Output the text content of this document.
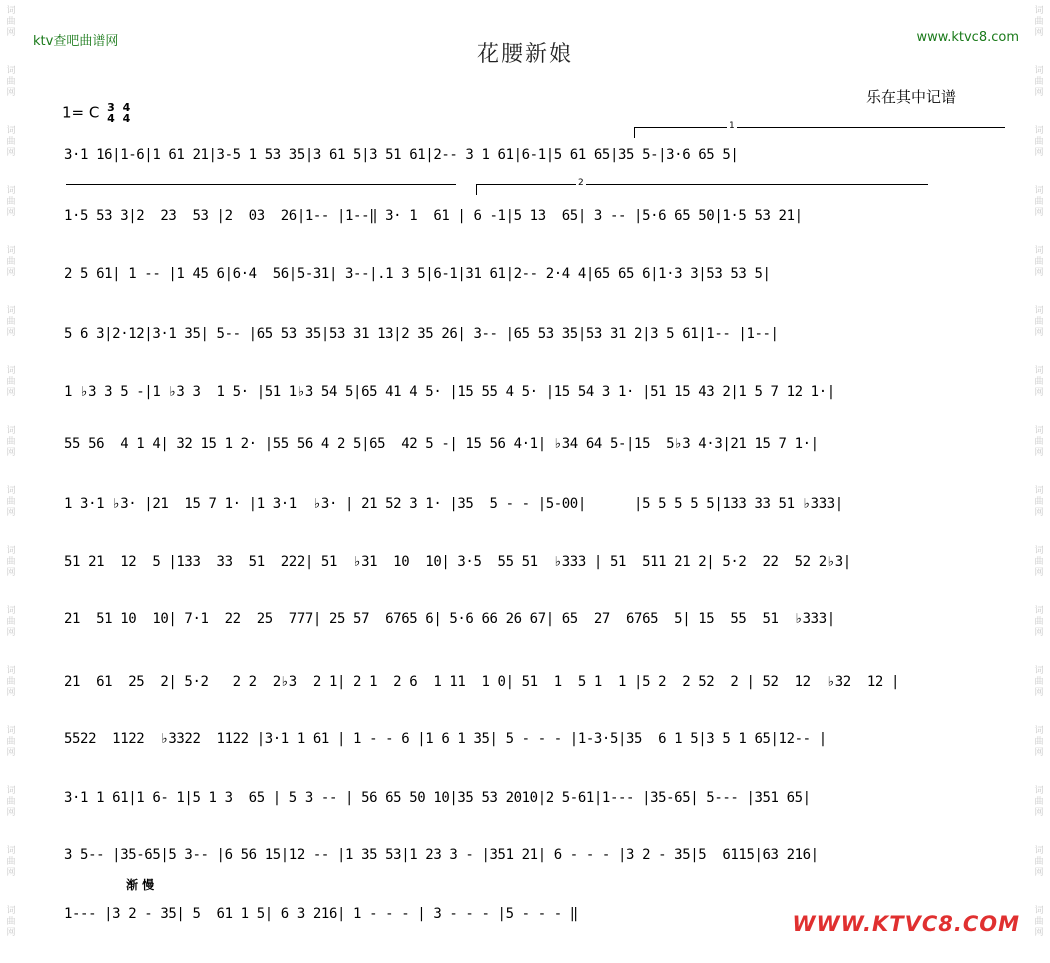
词
曲
网
词
曲
网
词
曲
网
词
曲
网
词
曲
网
词
曲
网
词
曲
网
词
曲
网
词
曲
网
词
曲
网
词
曲
网
词
曲
网
词
曲
网
词
曲
网
词
曲
网
词
曲
网
词
曲
网
词
曲
网
词
曲
网
词
曲
网
词
曲
网
词
曲
网
词
曲
网
词
曲
网
词
曲
网
词
曲
网
词
曲
网
词
曲
网
词
曲
网
词
曲
网
词
曲
网
词
曲
网
ktv查吧曲谱网	www.ktvc8.com
花腰新娘
乐在其中记谱
1= C 3
4 4
4
1
2
3·1 16|1-6|1 61 21|3-5 1 53 35|3 61 5|3 51 61|2-- 3 1 61|6-1|5 61 65|35 5-|3·6 65 5|
1·5 53 3|2  23  53 |2  03  26|1-- |1--‖ 3· 1  61 | 6 -1|5 13  65| 3 -- |5·6 65 50|1·5 53 21|
2 5 61| 1 -- |1 45 6|6·4  56|5-31| 3--|.1 3 5|6-1|31 61|2-- 2·4 4|65 65 6|1·3 3|53 53 5|
5 6 3|2·12|3·1 35| 5-- |65 53 35|53 31 13|2 35 26| 3-- |65 53 35|53 31 2|3 5 61|1-- |1--|
1 ♭3 3 5 -|1 ♭3 3  1 5· |51 1♭3 54 5|65 41 4 5· |15 55 4 5· |15 54 3 1· |51 15 43 2|1 5 7 12 1·|
55 56  4 1 4| 32 15 1 2· |55 56 4 2 5|65  42 5 -| 15 56 4·1| ♭34 64 5-|15  5♭3 4·3|21 15 7 1·|
1 3·1 ♭3· |21  15 7 1· |1 3·1  ♭3· | 21 52 3 1· |35  5 - - |5-00|      |5 5 5 5 5|133 33 51 ♭333|
51 21  12  5 |133  33  51  222| 51  ♭31  10  10| 3·5  55 51  ♭333 | 51  511 21 2| 5·2  22  52 2♭3|
21  51 10  10| 7·1  22  25  777| 25 57  6765 6| 5·6 66 26 67| 65  27  6765  5| 15  55  51  ♭333|
21  61  25  2| 5·2   2 2  2♭3  2 1| 2 1  2 6  1 11  1 0| 51  1  5 1  1 |5 2  2 52  2 | 52  12  ♭32  12 |
5522  1122  ♭3322  1122 |3·1 1 61 | 1 - - 6 |1 6 1 35| 5 - - - |1-3·5|35  6 1 5|3 5 1 65|12-- |
3·1 1 61|1 6- 1|5 1 3  65 | 5 3 -- | 56 65 50 10|35 53 2010|2 5-61|1--- |35-65| 5--- |351 65|
3 5-- |35-65|5 3-- |6 56 15|12 -- |1 35 53|1 23 3 - |351 21| 6 - - - |3 2 - 35|5  6115|63 216|
1--- |3 2 - 35| 5  61 1 5| 6 3 216| 1 - - - | 3 - - - |5 - - - ‖
渐 慢
WWW.KTVC8.COM
